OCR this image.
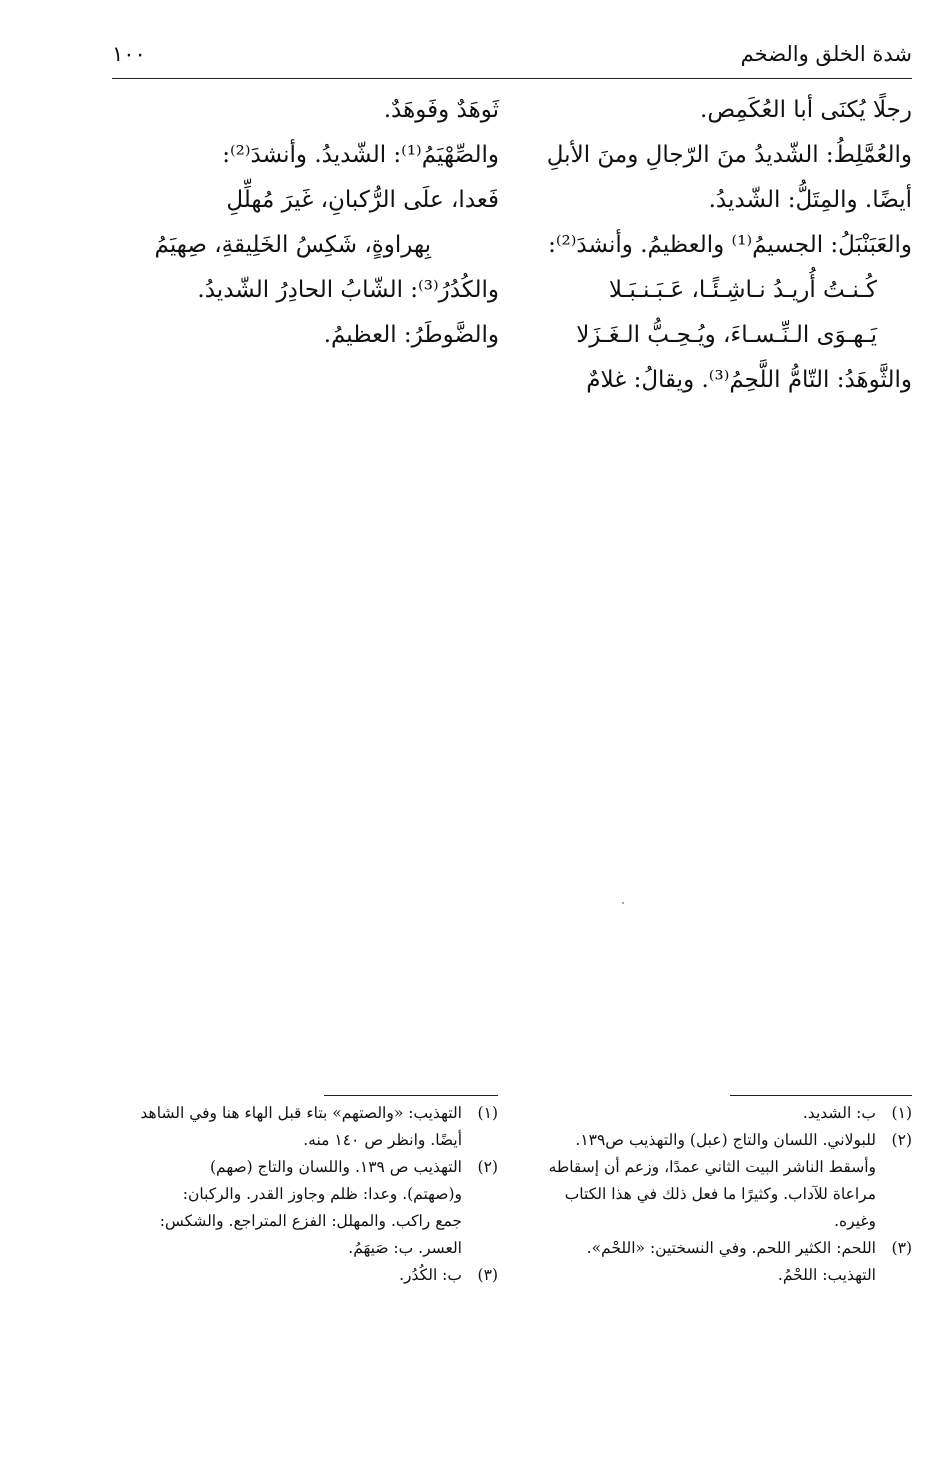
شدة الخلق والضخم
١٠٠
رجلًا يُكنَى أبا العُكَمِص.
والعُمَّلِطُ: الشّديدُ منَ الرّجالِ ومنَ الأبلِ
أيضًا. والمِتَلُّ: الشّديدُ.
والعَبَنْبَلُ: الجسيمُ⁽¹⁾ والعظيمُ. وأنشدَ⁽²⁾:
كُـنـتُ أُريـدُ نـاشِـئًـا، عَـبَـنـبَـلا
يَـهـوَى الـنِّـسـاءَ، ويُـحِـبُّ الـغَـزَلا
والثَّوهَدُ: التّامُّ اللَّحِمُ⁽³⁾. ويقالُ: غلامٌ
ثَوهَدٌ وفَوهَدٌ.
والصِّهْيَمُ⁽¹⁾: الشّديدُ. وأنشدَ⁽²⁾:
فَعدا، علَى الرُّكبانِ، غَيرَ مُهلِّلِ
بِهراوةٍ، شَكِسُ الخَلِيقةِ، صِهيَمُ
والكُدُرُ⁽³⁾: الشّابُ الحادِرُ الشّديدُ.
والضَّوطَرُ: العظيمُ.
(١)
ب: الشديد.
(٢)
للبولاني. اللسان والتاج (عبل) والتهذيب ص١٣٩.
وأسقط الناشر البيت الثاني عمدًا، وزعم أن إسقاطه
مراعاة للآداب. وكثيرًا ما فعل ذلك في هذا الكتاب
وغيره.
(٣)
اللحم: الكثير اللحم. وفي النسختين: «اللحْم».
التهذيب: اللحْمُ.
(١)
التهذيب: «والصتهم» بتاء قبل الهاء هنا وفي الشاهد
أيضًا. وانظر ص ١٤٠ منه.
(٢)
التهذيب ص ١٣٩. واللسان والتاج (صهم)
و(صهتم). وعدا: ظلم وجاوز القدر. والركبان:
جمع راكب. والمهلل: الفزع المتراجع. والشكس:
العسر. ب: صَيهَمُ.
(٣)
ب: الكُدُر.
